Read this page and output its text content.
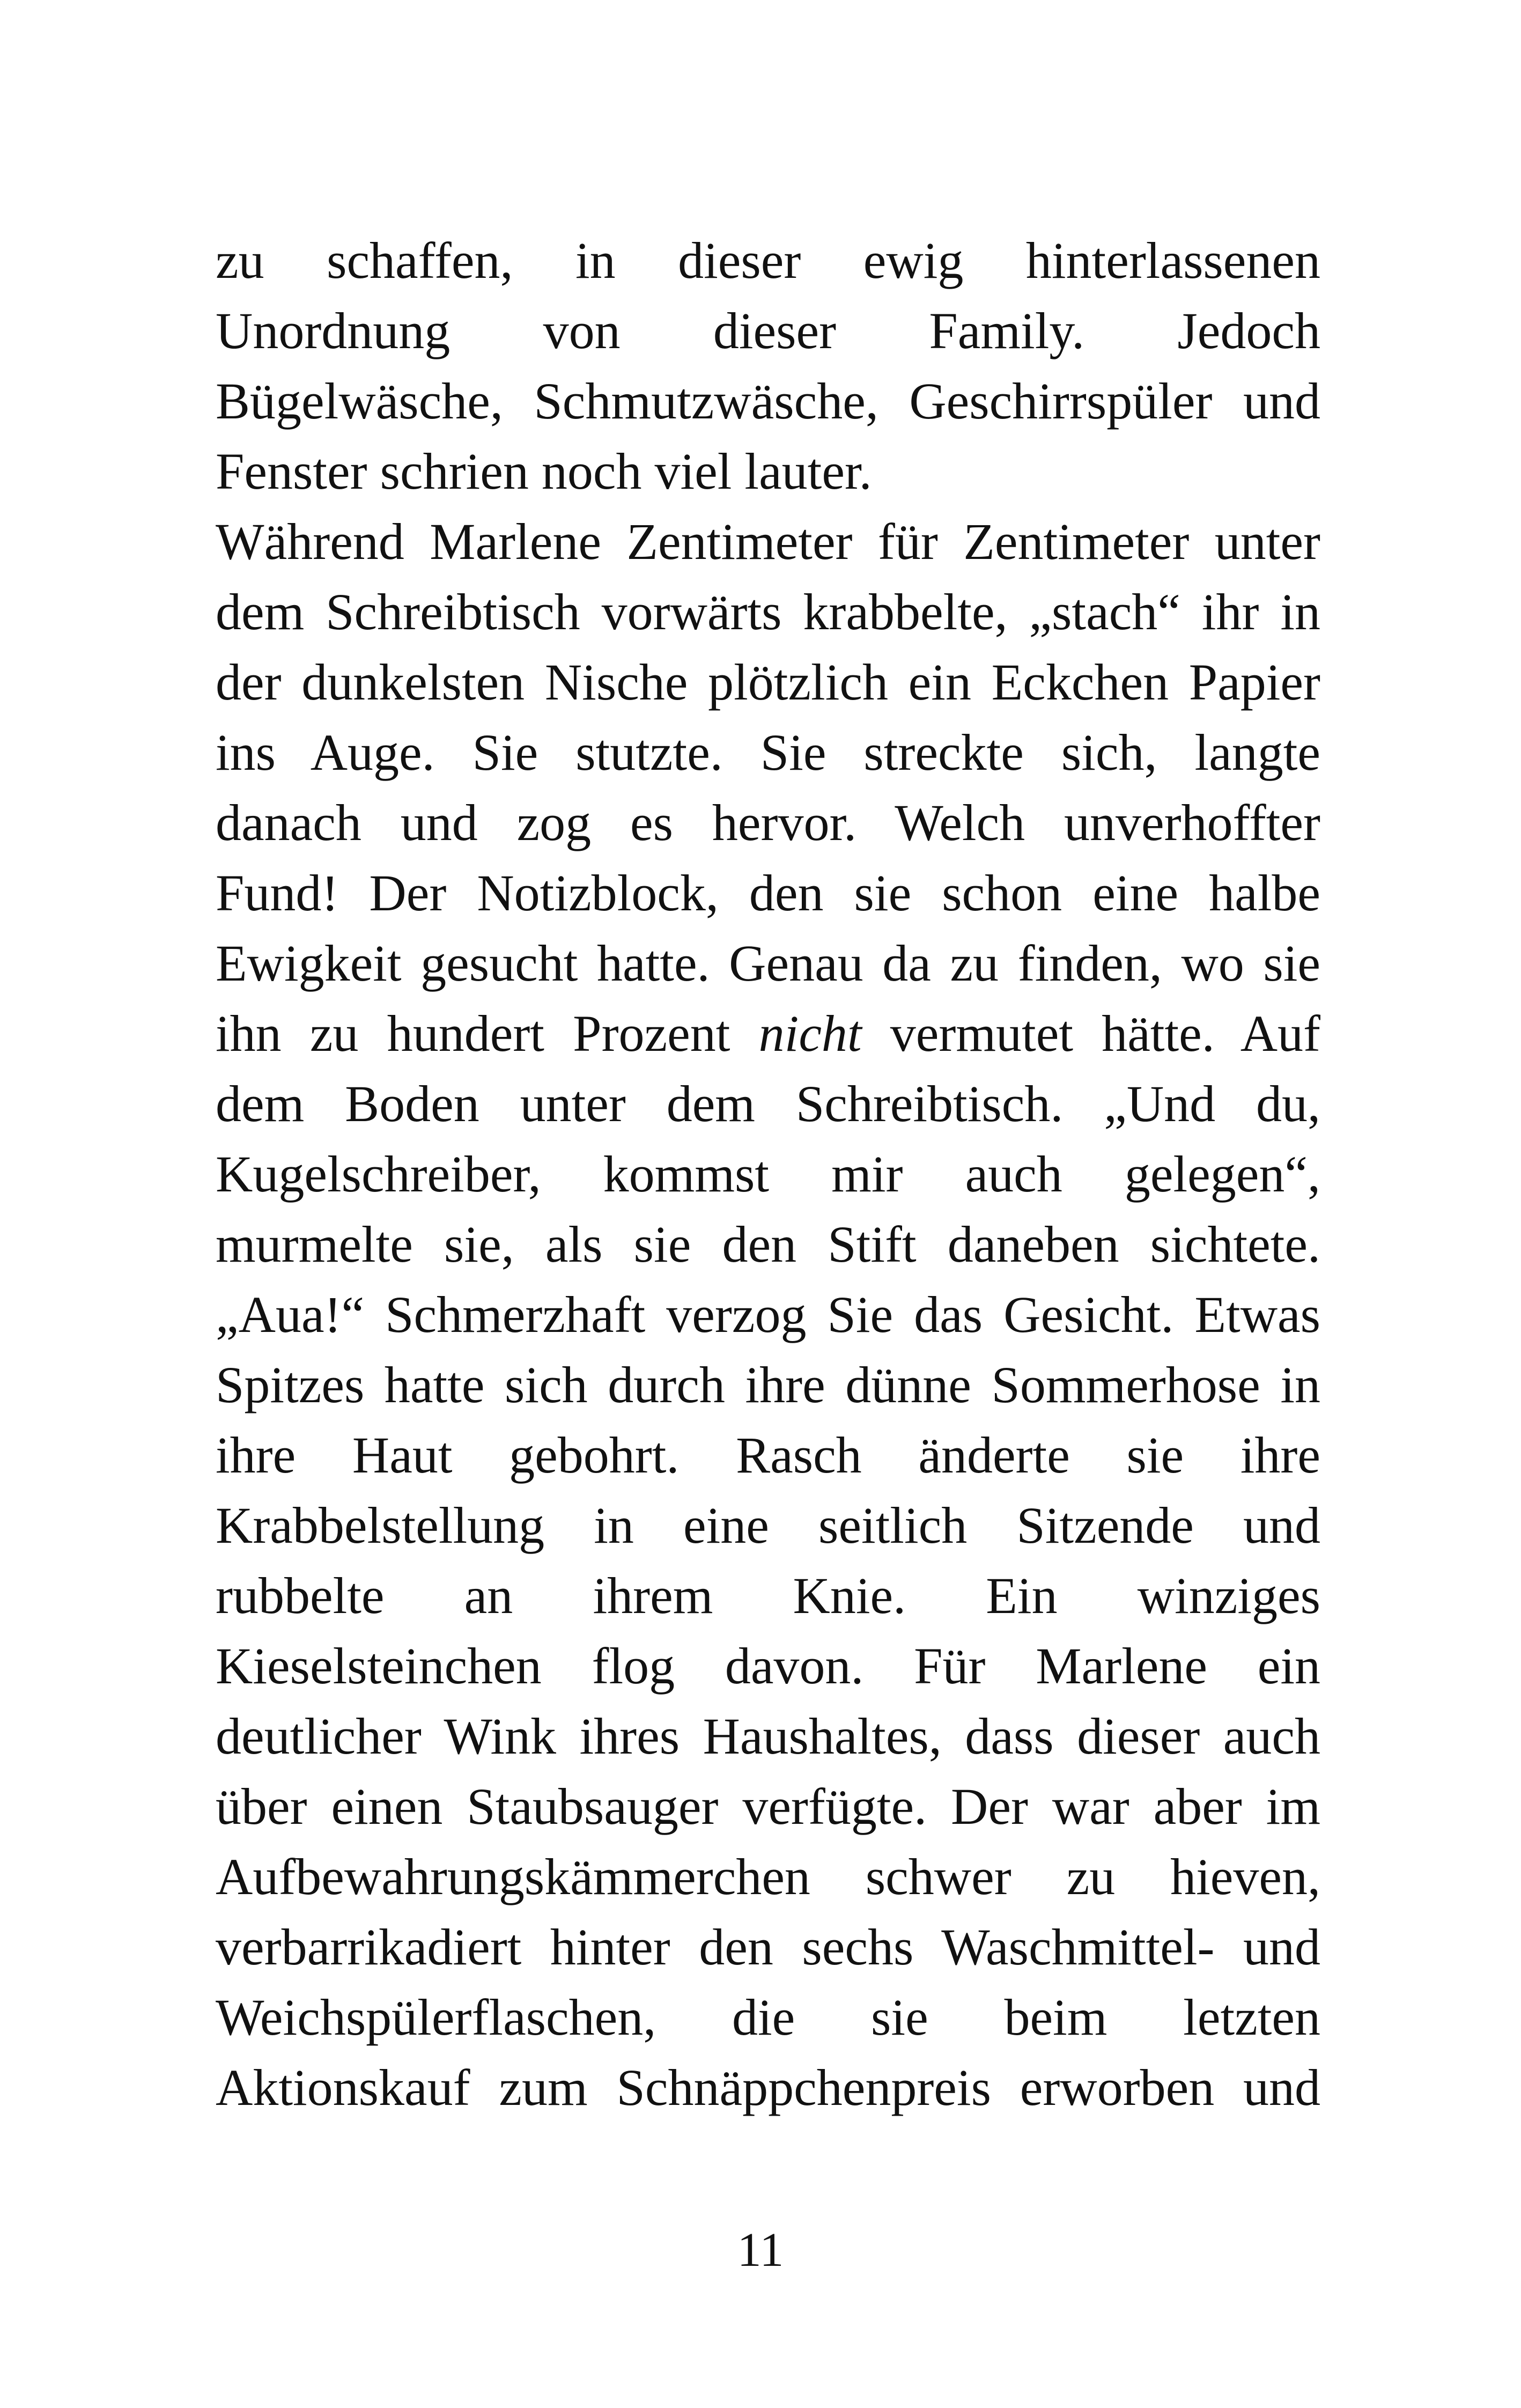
zu schaffen, in dieser ewig hinterlassenen
Unordnung von dieser Family. Jedoch
Bügelwäsche, Schmutzwäsche, Geschirrspüler und
Fenster schrien noch viel lauter.
Während Marlene Zentimeter für Zentimeter unter
dem Schreibtisch vorwärts krabbelte, „stach“ ihr in
der dunkelsten Nische plötzlich ein Eckchen Papier
ins Auge. Sie stutzte. Sie streckte sich, langte
danach und zog es hervor. Welch unverhoffter
Fund! Der Notizblock, den sie schon eine halbe
Ewigkeit gesucht hatte. Genau da zu finden, wo sie
ihn zu hundert Prozent nicht vermutet hätte. Auf
dem Boden unter dem Schreibtisch. „Und du,
Kugelschreiber, kommst mir auch gelegen“,
murmelte sie, als sie den Stift daneben sichtete.
„Aua!“ Schmerzhaft verzog Sie das Gesicht. Etwas
Spitzes hatte sich durch ihre dünne Sommerhose in
ihre Haut gebohrt. Rasch änderte sie ihre
Krabbelstellung in eine seitlich Sitzende und
rubbelte an ihrem Knie. Ein winziges
Kieselsteinchen flog davon. Für Marlene ein
deutlicher Wink ihres Haushaltes, dass dieser auch
über einen Staubsauger verfügte. Der war aber im
Aufbewahrungskämmerchen schwer zu hieven,
verbarrikadiert hinter den sechs Waschmittel- und
Weichspülerflaschen, die sie beim letzten
Aktionskauf zum Schnäppchenpreis erworben und
11
